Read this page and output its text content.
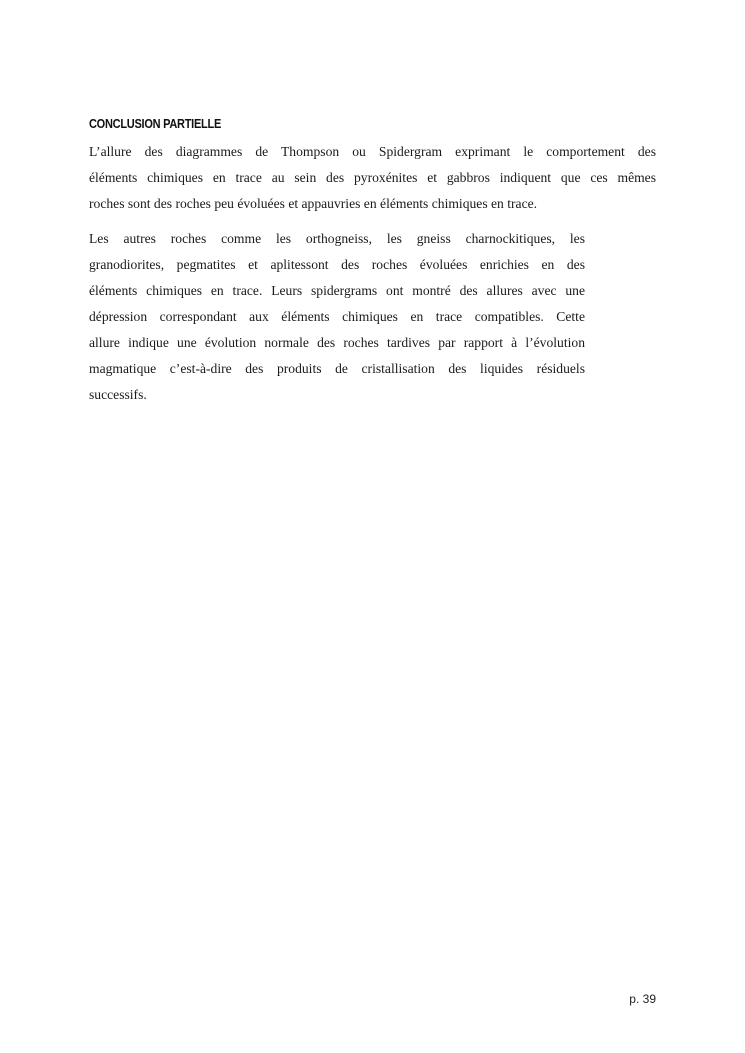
CONCLUSION PARTIELLE

L’allure des diagrammes de Thompson ou Spidergram exprimant le comportement des
éléments chimiques en trace au sein des pyroxénites et gabbros indiquent que ces mêmes
roches sont des roches peu évoluées et appauvries en éléments chimiques en trace.

Les autres roches comme les orthogneiss, les gneiss charnockitiques, les
granodiorites, pegmatites et aplitessont des roches évoluées enrichies en des
éléments chimiques en trace. Leurs spidergrams ont montré des allures avec une
dépression correspondant aux éléments chimiques en trace compatibles. Cette
allure indique une évolution normale des roches tardives par rapport à l’évolution
magmatique c’est-à-dire des produits de cristallisation des liquides résiduels
successifs.

p. 39
